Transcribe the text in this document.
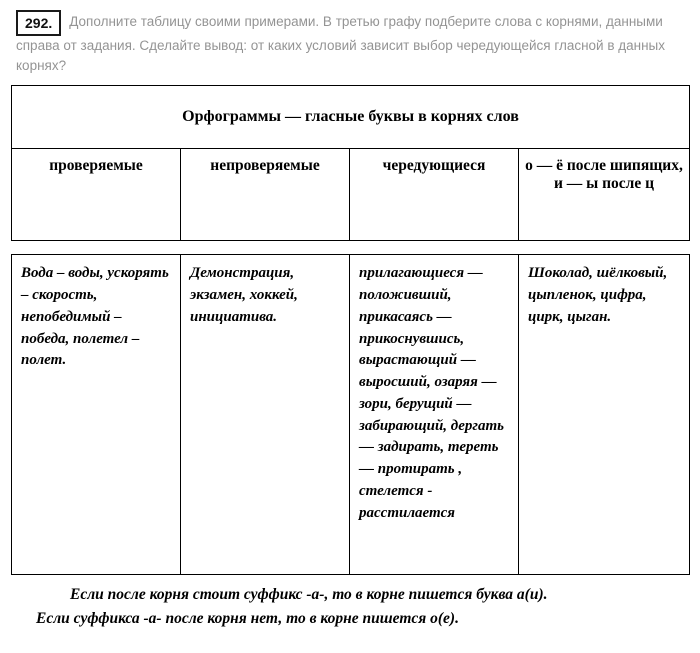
292. Дополните таблицу своими примерами. В третью графу подберите слова с корнями, данными справа от задания. Сделайте вывод: от каких условий зависит выбор чередующейся гласной в данных корнях?
Орфограммы — гласные буквы в корнях слов
проверяемые	непроверяемые	чередующиеся	о — ё после шипящих, и — ы после ц
Вода – воды, ускорять – скорость, непобедимый – победа, полетел – полет.	Демонстрация, экзамен, хоккей, инициатива.	прилагающиеся — положивший, прикасаясь — прикоснувшись, вырастающий — выросший, озаряя — зори, берущий — забирающий, дергать — задирать, тереть — протирать , стелется - расстилается	Шоколад, шёлковый, цыпленок, цифра, цирк, цыган.
Если после корня стоит суффикс -а-, то в корне пишется буква а(и).
Если суффикса -а- после корня нет, то в корне пишется о(е).
